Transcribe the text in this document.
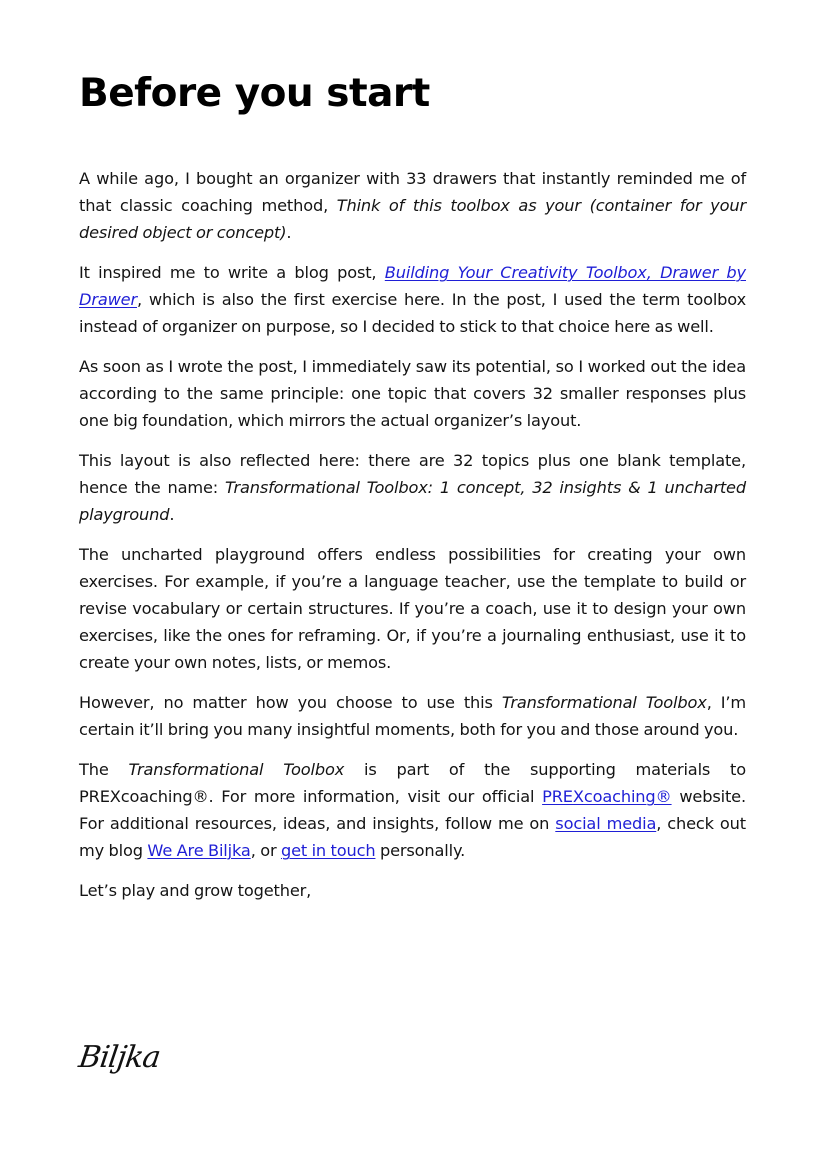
Before you start

A while ago, I bought an organizer with 33 drawers that instantly reminded me of that classic coaching method, Think of this toolbox as your (container for your desired object or concept).

It inspired me to write a blog post, Building Your Creativity Toolbox, Drawer by Drawer, which is also the first exercise here. In the post, I used the term toolbox instead of organizer on purpose, so I decided to stick to that choice here as well.

As soon as I wrote the post, I immediately saw its potential, so I worked out the idea according to the same principle: one topic that covers 32 smaller responses plus one big foundation, which mirrors the actual organizer’s layout.

This layout is also reflected here: there are 32 topics plus one blank template, hence the name: Transformational Toolbox: 1 concept, 32 insights & 1 uncharted playground.

The uncharted playground offers endless possibilities for creating your own exercises. For example, if you’re a language teacher, use the template to build or revise vocabulary or certain structures. If you’re a coach, use it to design your own exercises, like the ones for reframing. Or, if you’re a journaling enthusiast, use it to create your own notes, lists, or memos.

However, no matter how you choose to use this Transformational Toolbox, I’m certain it’ll bring you many insightful moments, both for you and those around you.

The Transformational Toolbox is part of the supporting materials to PREXcoaching®. For more information, visit our official PREXcoaching® website. For additional resources, ideas, and insights, follow me on social media, check out my blog We Are Biljka, or get in touch personally.

Let’s play and grow together,

Biljka
